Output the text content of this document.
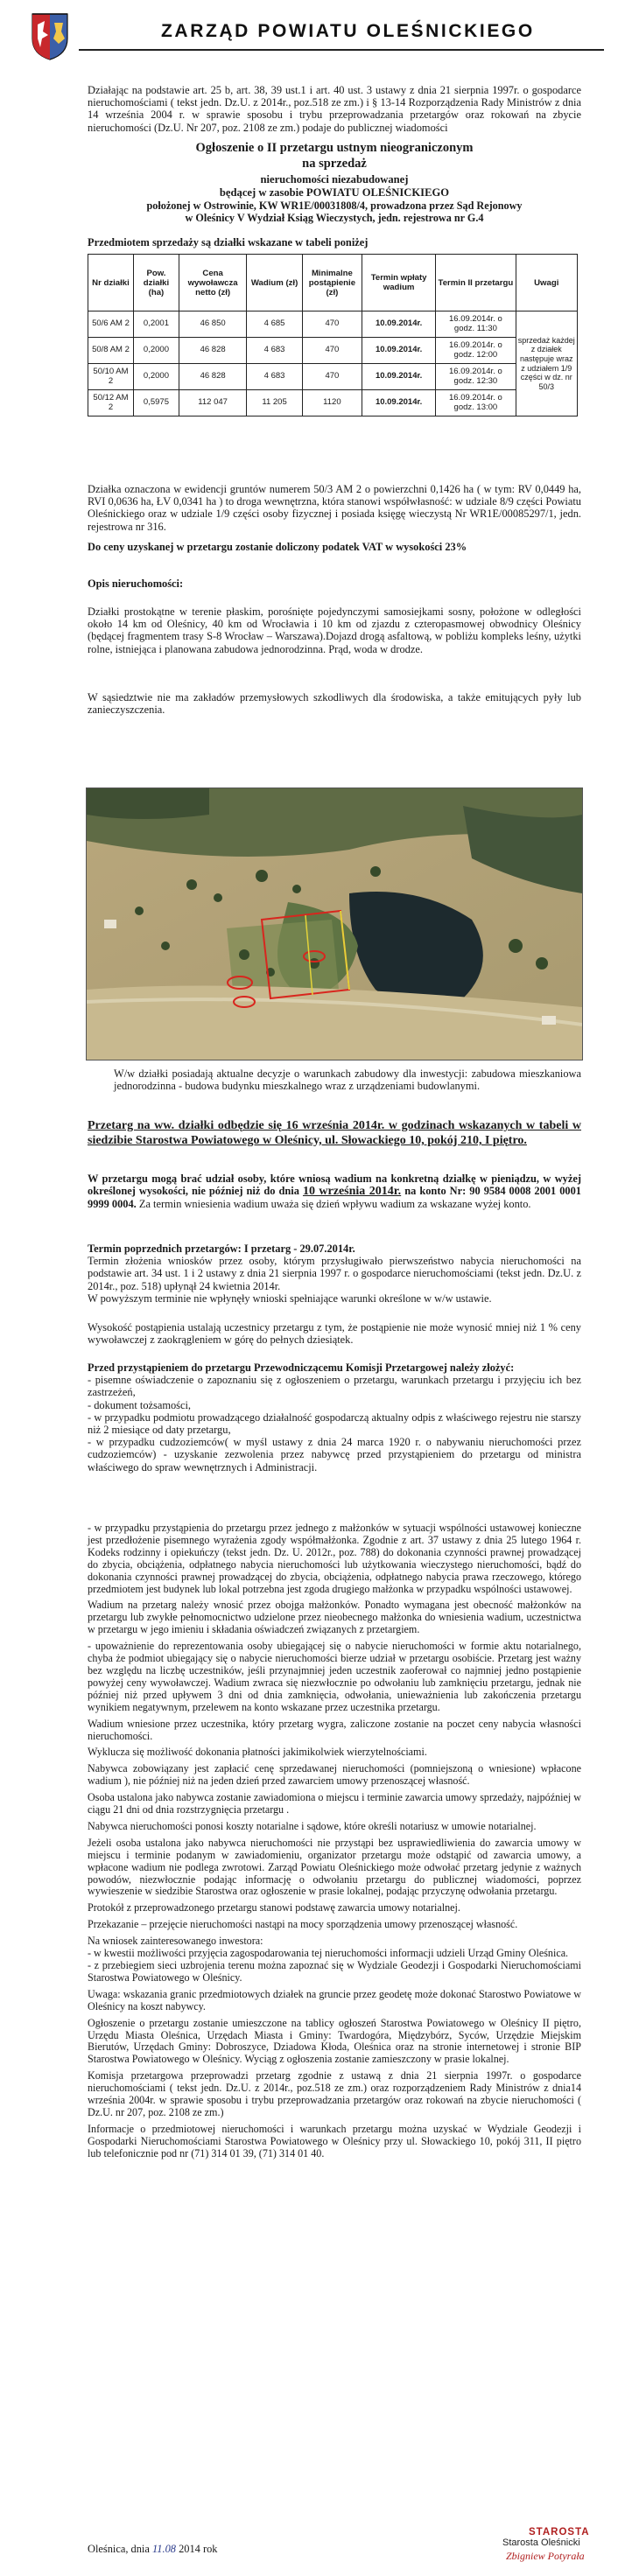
ZARZĄD POWIATU OLEŚNICKIEGO
Działając na podstawie art. 25 b, art. 38, 39 ust.1 i art. 40 ust. 3 ustawy z dnia 21 sierpnia 1997r. o gospodarce nieruchomościami ( tekst jedn. Dz.U. z 2014r., poz.518 ze zm.) i § 13-14 Rozporządzenia Rady Ministrów z dnia 14 września 2004 r. w sprawie sposobu i trybu przeprowadzania przetargów oraz rokowań na zbycie nieruchomości (Dz.U. Nr 207, poz. 2108 ze zm.) podaje do publicznej wiadomości
Ogłoszenie o II przetargu ustnym nieograniczonym
na sprzedaż
nieruchomości niezabudowanej
będącej w zasobie POWIATU OLEŚNICKIEGO
położonej w Ostrowinie, KW WR1E/00031808/4, prowadzona przez Sąd Rejonowy
w Oleśnicy V Wydział Ksiąg Wieczystych, jedn. rejestrowa nr G.4
Przedmiotem sprzedaży są działki wskazane w tabeli poniżej
Nr działki	Pow. działki (ha)	Cena wywoławcza netto (zł)	Wadium (zł)	Minimalne postąpienie (zł)	Termin wpłaty wadium	Termin II przetargu	Uwagi
50/6 AM 2	0,2001	46 850	4 685	470	10.09.2014r.	16.09.2014r. o godz. 11:30	sprzedaż każdej z działek następuje wraz z udziałem 1/9 części w dz. nr 50/3
50/8 AM 2	0,2000	46 828	4 683	470	10.09.2014r.	16.09.2014r. o godz. 12:00	
50/10 AM 2	0,2000	46 828	4 683	470	10.09.2014r.	16.09.2014r. o godz. 12:30	
50/12 AM 2	0,5975	112 047	11 205	1120	10.09.2014r.	16.09.2014r. o godz. 13:00	
Działka oznaczona w ewidencji gruntów numerem 50/3 AM 2 o powierzchni 0,1426 ha ( w tym: RV 0,0449 ha, RVI 0,0636 ha, ŁV 0,0341 ha ) to droga wewnętrzna, która stanowi współwłasność: w udziale 8/9 części Powiatu Oleśnickiego oraz w udziale 1/9 części osoby fizycznej i posiada księgę wieczystą Nr WR1E/00085297/1, jedn. rejestrowa nr 316.
Do ceny uzyskanej w przetargu zostanie doliczony podatek VAT w wysokości 23%
Opis nieruchomości:
Działki prostokątne w terenie płaskim, porośnięte pojedynczymi samosiejkami sosny, położone w odległości około 14 km od Oleśnicy, 40 km od Wrocławia i 10 km od zjazdu z czteropasmowej obwodnicy Oleśnicy (będącej fragmentem trasy S-8 Wrocław – Warszawa).Dojazd drogą asfaltową, w pobliżu kompleks leśny, użytki rolne, istniejąca i planowana zabudowa jednorodzinna. Prąd, woda w drodze.
W sąsiedztwie nie ma zakładów przemysłowych szkodliwych dla środowiska, a także emitujących pyły lub zanieczyszczenia.
W/w działki posiadają aktualne decyzje o warunkach zabudowy dla inwestycji: zabudowa mieszkaniowa jednorodzinna - budowa budynku mieszkalnego wraz z urządzeniami budowlanymi.
Przetarg na ww. działki odbędzie się 16 września 2014r. w godzinach wskazanych w tabeli w siedzibie Starostwa Powiatowego w Oleśnicy, ul. Słowackiego 10, pokój 210, I piętro.
W przetargu mogą brać udział osoby, które wniosą wadium na konkretną działkę w pieniądzu, w wyżej określonej wysokości, nie później niż do dnia 10 września 2014r. na konto Nr: 90 9584 0008 2001 0001 9999 0004. Za termin wniesienia wadium uważa się dzień wpływu wadium za wskazane wyżej konto.
Termin poprzednich przetargów: I przetarg - 29.07.2014r.
Termin złożenia wniosków przez osoby, którym przysługiwało pierwszeństwo nabycia nieruchomości na podstawie art. 34 ust. 1 i 2 ustawy z dnia 21 sierpnia 1997 r. o gospodarce nieruchomościami (tekst jedn. Dz.U. z 2014r., poz. 518) upłynął 24 kwietnia 2014r.
W powyższym terminie nie wpłynęły wnioski spełniające warunki określone w w/w ustawie.
Wysokość postąpienia ustalają uczestnicy przetargu z tym, że postąpienie nie może wynosić mniej niż 1 % ceny wywoławczej z zaokrągleniem w górę do pełnych dziesiątek.
Przed przystąpieniem do przetargu Przewodniczącemu Komisji Przetargowej należy złożyć:
- pisemne oświadczenie o zapoznaniu się z ogłoszeniem o przetargu, warunkach przetargu i przyjęciu ich bez zastrzeżeń,
- dokument tożsamości,
- w przypadku podmiotu prowadzącego działalność gospodarczą aktualny odpis z właściwego rejestru nie starszy niż 2 miesiące od daty przetargu,
- w przypadku cudzoziemców( w myśl ustawy z dnia 24 marca 1920 r. o nabywaniu nieruchomości przez cudzoziemców) - uzyskanie zezwolenia przez nabywcę przed przystąpieniem do przetargu od ministra właściwego do spraw wewnętrznych i Administracji.
- w przypadku przystąpienia do przetargu przez jednego z małżonków w sytuacji wspólności ustawowej konieczne jest przedłożenie pisemnego wyrażenia zgody współmałżonka. Zgodnie z art. 37 ustawy z dnia 25 lutego 1964 r. Kodeks rodzinny i opiekuńczy (tekst jedn. Dz. U. 2012r., poz. 788) do dokonania czynności prawnej prowadzącej do zbycia, obciążenia, odpłatnego nabycia nieruchomości lub użytkowania wieczystego nieruchomości, bądź do dokonania czynności prawnej prowadzącej do zbycia, obciążenia, odpłatnego nabycia prawa rzeczowego, którego przedmiotem jest budynek lub lokal potrzebna jest zgoda drugiego małżonka w przypadku wspólności ustawowej.
Wadium na przetarg należy wnosić przez obojga małżonków. Ponadto wymagana jest obecność małżonków na przetargu lub zwykłe pełnomocnictwo udzielone przez nieobecnego małżonka do wniesienia wadium, uczestnictwa w przetargu w jego imieniu i składania oświadczeń związanych z przetargiem.
- upoważnienie do reprezentowania osoby ubiegającej się o nabycie nieruchomości w formie aktu notarialnego, chyba że podmiot ubiegający się o nabycie nieruchomości bierze udział w przetargu osobiście. Przetarg jest ważny bez względu na liczbę uczestników, jeśli przynajmniej jeden uczestnik zaoferował co najmniej jedno postąpienie powyżej ceny wywoławczej. Wadium zwraca się niezwłocznie po odwołaniu lub zamknięciu przetargu, jednak nie później niż przed upływem 3 dni od dnia zamknięcia, odwołania, unieważnienia lub zakończenia przetargu wynikiem negatywnym, przelewem na konto wskazane przez uczestnika przetargu.
Wadium wniesione przez uczestnika, który przetarg wygra, zaliczone zostanie na poczet ceny nabycia własności nieruchomości.
Wyklucza się możliwość dokonania płatności jakimikolwiek wierzytelnościami.
Nabywca zobowiązany jest zapłacić cenę sprzedawanej nieruchomości (pomniejszoną o wniesione) wpłacone wadium ), nie później niż na jeden dzień przed zawarciem umowy przenoszącej własność.
Osoba ustalona jako nabywca zostanie zawiadomiona o miejscu i terminie zawarcia umowy sprzedaży, najpóźniej w ciągu 21 dni od dnia rozstrzygnięcia przetargu .
Nabywca nieruchomości ponosi koszty notarialne i sądowe, które określi notariusz w umowie notarialnej.
Jeżeli osoba ustalona jako nabywca nieruchomości nie przystąpi bez usprawiedliwienia do zawarcia umowy w miejscu i terminie podanym w zawiadomieniu, organizator przetargu może odstąpić od zawarcia umowy, a wpłacone wadium nie podlega zwrotowi. Zarząd Powiatu Oleśnickiego może odwołać przetarg jedynie z ważnych powodów, niezwłocznie podając informację o odwołaniu przetargu do publicznej wiadomości, poprzez wywieszenie w siedzibie Starostwa oraz ogłoszenie w prasie lokalnej, podając przyczynę odwołania przetargu.
Protokół z przeprowadzonego przetargu stanowi podstawę zawarcia umowy notarialnej.
Przekazanie – przejęcie nieruchomości nastąpi na mocy sporządzenia umowy przenoszącej własność.
Na wniosek zainteresowanego inwestora:
- w kwestii możliwości przyjęcia zagospodarowania tej nieruchomości informacji udzieli Urząd Gminy Oleśnica.
- z przebiegiem sieci uzbrojenia terenu można zapoznać się w Wydziale Geodezji i Gospodarki Nieruchomościami Starostwa Powiatowego w Oleśnicy.
Uwaga: wskazania granic przedmiotowych działek na gruncie przez geodetę może dokonać Starostwo Powiatowe w Oleśnicy na koszt nabywcy.
Ogłoszenie o przetargu zostanie umieszczone na tablicy ogłoszeń Starostwa Powiatowego w Oleśnicy II piętro, Urzędu Miasta Oleśnica, Urzędach Miasta i Gminy: Twardogóra, Międzybórz, Syców, Urzędzie Miejskim Bierutów, Urzędach Gminy: Dobroszyce, Dziadowa Kłoda, Oleśnica oraz na stronie internetowej i stronie BIP Starostwa Powiatowego w Oleśnicy. Wyciąg z ogłoszenia zostanie zamieszczony w prasie lokalnej.
Komisja przetargowa przeprowadzi przetarg zgodnie z ustawą z dnia 21 sierpnia 1997r. o gospodarce nieruchomościami ( tekst jedn. Dz.U. z 2014r., poz.518 ze zm.) oraz rozporządzeniem Rady Ministrów z dnia14 września 2004r. w sprawie sposobu i trybu przeprowadzania przetargów oraz rokowań na zbycie nieruchomości ( Dz.U. nr 207, poz. 2108 ze zm.)
Informacje o przedmiotowej nieruchomości i warunkach przetargu można uzyskać w Wydziale Geodezji i Gospodarki Nieruchomościami Starostwa Powiatowego w Oleśnicy przy ul. Słowackiego 10, pokój 311, II piętro lub telefonicznie pod nr (71) 314 01 39, (71) 314 01 40.
Oleśnica, dnia 11.08 2014 rok
STAROSTA
Starosta Oleśnicki
Zbigniew Potyrała
